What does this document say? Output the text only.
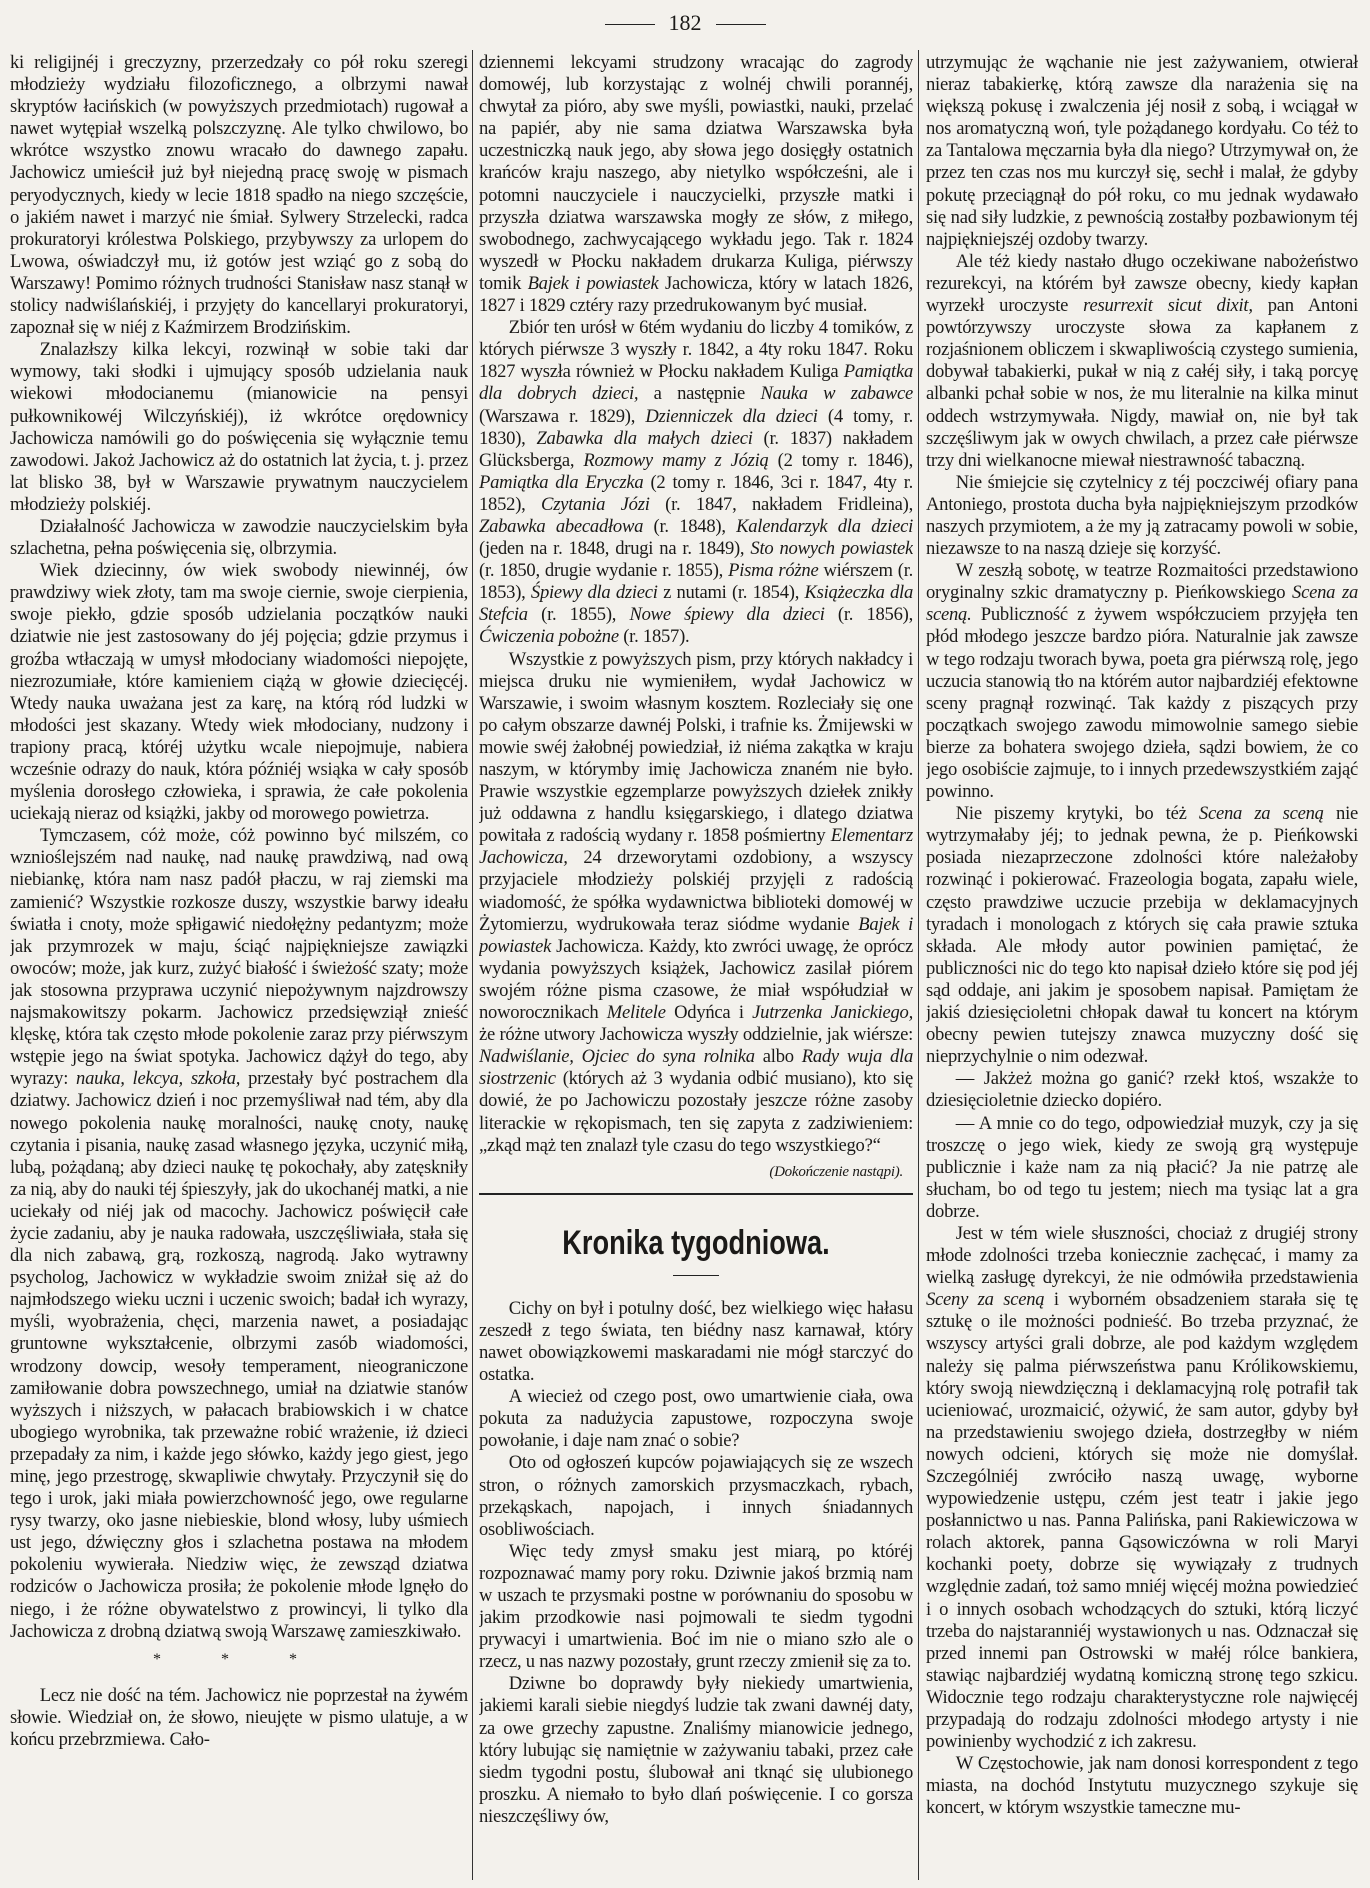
182

ki religijnéj i greczyzny, przerzedzały co pół roku szeregi młodzieży wydziału filozoficznego, a olbrzymi nawał skryptów łacińskich (w powyższych przedmiotach) rugował a nawet wytępiał wszelką polszczyznę. Ale tylko chwilowo, bo wkrótce wszystko znowu wracało do dawnego zapału. Jachowicz umieścił już był niejedną pracę swoję w pismach peryodycznych, kiedy w lecie 1818 spadło na niego szczęście, o jakiém nawet i marzyć nie śmiał. Sylwery Strzelecki, radca prokuratoryi królestwa Polskiego, przybywszy za urlopem do Lwowa, oświadczył mu, iż gotów jest wziąć go z sobą do Warszawy! Pomimo różnych trudności Stanisław nasz stanął w stolicy nadwiślańskiéj, i przyjęty do kancellaryi prokuratoryi, zapoznał się w niéj z Kaźmirzem Brodzińskim.

Znalazłszy kilka lekcyi, rozwinął w sobie taki dar wymowy, taki słodki i ujmujący sposób udzielania nauk wiekowi młodocianemu (mianowicie na pensyi pułkownikowéj Wilczyńskiéj), iż wkrótce orędownicy Jachowicza namówili go do poświęcenia się wyłącznie temu zawodowi. Jakoż Jachowicz aż do ostatnich lat życia, t. j. przez lat blisko 38, był w Warszawie prywatnym nauczycielem młodzieży polskiéj.

Działalność Jachowicza w zawodzie nauczycielskim była szlachetna, pełna poświęcenia się, olbrzymia.

Wiek dziecinny, ów wiek swobody niewinnéj, ów prawdziwy wiek złoty, tam ma swoje ciernie, swoje cierpienia, swoje piekło, gdzie sposób udzielania początków nauki dziatwie nie jest zastosowany do jéj pojęcia; gdzie przymus i groźba wtłaczają w umysł młodociany wiadomości niepojęte, niezrozumiałe, które kamieniem ciążą w głowie dziecięcéj. Wtedy nauka uważana jest za karę, na którą ród ludzki w młodości jest skazany. Wtedy wiek młodociany, nudzony i trapiony pracą, któréj użytku wcale niepojmuje, nabiera wcześnie odrazy do nauk, która późniéj wsiąka w cały sposób myślenia dorosłego człowieka, i sprawia, że całe pokolenia uciekają nieraz od książki, jakby od morowego powietrza.

Tymczasem, cóż może, cóż powinno być milszém, co wznioślejszém nad naukę, nad naukę prawdziwą, nad ową niebiankę, która nam nasz padół płaczu, w raj ziemski ma zamienić? Wszystkie rozkosze duszy, wszystkie barwy ideału światła i cnoty, może spłigawić niedołężny pedantyzm; może jak przymrozek w maju, ściąć najpiękniejsze zawiązki owoców; może, jak kurz, zużyć białość i świeżość szaty; może jak stosowna przyprawa uczynić niepożywnym najzdrowszy najsmakowitszy pokarm. Jachowicz przedsięwziął znieść klęskę, która tak często młode pokolenie zaraz przy piérwszym wstępie jego na świat spotyka. Jachowicz dążył do tego, aby wyrazy: nauka, lekcya, szkoła, przestały być postrachem dla dziatwy. Jachowicz dzień i noc przemyśliwał nad tém, aby dla nowego pokolenia naukę moralności, naukę cnoty, naukę czytania i pisania, naukę zasad własnego języka, uczynić miłą, lubą, pożądaną; aby dzieci naukę tę pokochały, aby zatęskniły za nią, aby do nauki téj śpieszyły, jak do ukochanéj matki, a nie uciekały od niéj jak od macochy. Jachowicz poświęcił całe życie zadaniu, aby je nauka radowała, uszczęśliwiała, stała się dla nich zabawą, grą, rozkoszą, nagrodą. Jako wytrawny psycholog, Jachowicz w wykładzie swoim zniżał się aż do najmłodszego wieku uczni i uczenic swoich; badał ich wyrazy, myśli, wyobrażenia, chęci, marzenia nawet, a posiadając gruntowne wykształcenie, olbrzymi zasób wiadomości, wrodzony dowcip, wesoły temperament, nieograniczone zamiłowanie dobra powszechnego, umiał na dziatwie stanów wyższych i niższych, w pałacach brabiowskich i w chatce ubogiego wyrobnika, tak przeważne robić wrażenie, iż dzieci przepadały za nim, i każde jego słówko, każdy jego giest, jego minę, jego przestrogę, skwapliwie chwytały. Przyczynił się do tego i urok, jaki miała powierzchowność jego, owe regularne rysy twarzy, oko jasne niebieskie, blond włosy, luby uśmiech ust jego, dźwięczny głos i szlachetna postawa na młodem pokoleniu wywierała. Niedziw więc, że zewsząd dziatwa rodziców o Jachowicza prosiła; że pokolenie młode lgnęło do niego, i że różne obywatelstwo z prowincyi, li tylko dla Jachowicza z drobną dziatwą swoją Warszawę zamieszkiwało.

* * *

Lecz nie dość na tém. Jachowicz nie poprzestał na żywém słowie. Wiedział on, że słowo, nieujęte w pismo ulatuje, a w końcu przebrzmiewa. Cało-

dziennemi lekcyami strudzony wracając do zagrody domowéj, lub korzystając z wolnéj chwili porannéj, chwytał za pióro, aby swe myśli, powiastki, nauki, przelać na papiér, aby nie sama dziatwa Warszawska była uczestniczką nauk jego, aby słowa jego dosięgły ostatnich krańców kraju naszego, aby nietylko współcześni, ale i potomni nauczyciele i nauczycielki, przyszłe matki i przyszła dziatwa warszawska mogły ze słów, z miłego, swobodnego, zachwycającego wykładu jego. Tak r. 1824 wyszedł w Płocku nakładem drukarza Kuliga, piérwszy tomik Bajek i powiastek Jachowicza, który w latach 1826, 1827 i 1829 cztéry razy przedrukowanym być musiał.

Zbiór ten urósł w 6tém wydaniu do liczby 4 tomików, z których piérwsze 3 wyszły r. 1842, a 4ty roku 1847. Roku 1827 wyszła również w Płocku nakładem Kuliga Pamiątka dla dobrych dzieci, a następnie Nauka w zabawce (Warszawa r. 1829), Dzienniczek dla dzieci (4 tomy, r. 1830), Zabawka dla małych dzieci (r. 1837) nakładem Glücksberga, Rozmowy mamy z Józią (2 tomy r. 1846), Pamiątka dla Eryczka (2 tomy r. 1846, 3ci r. 1847, 4ty r. 1852), Czytania Józi (r. 1847, nakładem Fridleina), Zabawka abecadłowa (r. 1848), Kalendarzyk dla dzieci (jeden na r. 1848, drugi na r. 1849), Sto nowych powiastek (r. 1850, drugie wydanie r. 1855), Pisma różne wiérszem (r. 1853), Śpiewy dla dzieci z nutami (r. 1854), Książeczka dla Stefcia (r. 1855), Nowe śpiewy dla dzieci (r. 1856), Ćwiczenia pobożne (r. 1857).

Wszystkie z powyższych pism, przy których nakładcy i miejsca druku nie wymieniłem, wydał Jachowicz w Warszawie, i swoim własnym kosztem. Rozleciały się one po całym obszarze dawnéj Polski, i trafnie ks. Żmijewski w mowie swéj żałobnéj powiedział, iż niéma zakątka w kraju naszym, w którymby imię Jachowicza znaném nie było. Prawie wszystkie egzemplarze powyższych dziełek znikły już oddawna z handlu księgarskiego, i dlatego dziatwa powitała z radością wydany r. 1858 pośmiertny Elementarz Jachowicza, 24 drzeworytami ozdobiony, a wszyscy przyjaciele młodzieży polskiéj przyjęli z radością wiadomość, że spółka wydawnictwa biblioteki domowéj w Żytomierzu, wydrukowała teraz siódme wydanie Bajek i powiastek Jachowicza. Każdy, kto zwróci uwagę, że oprócz wydania powyższych książek, Jachowicz zasilał piórem swojém różne pisma czasowe, że miał współudział w noworocznikach Melitele Odyńca i Jutrzenka Janickiego, że różne utwory Jachowicza wyszły oddzielnie, jak wiérsze: Nadwiślanie, Ojciec do syna rolnika albo Rady wuja dla siostrzenic (których aż 3 wydania odbić musiano), kto się dowié, że po Jachowiczu pozostały jeszcze różne zasoby literackie w rękopismach, ten się zapyta z zadziwieniem: „zkąd mąż ten znalazł tyle czasu do tego wszystkiego?“

(Dokończenie nastąpi).
Kronika tygodniowa.

Cichy on był i potulny dość, bez wielkiego więc hałasu zeszedł z tego świata, ten biédny nasz karnawał, który nawet obowiązkowemi maskaradami nie mógł starczyć do ostatka.

A wiecież od czego post, owo umartwienie ciała, owa pokuta za nadużycia zapustowe, rozpoczyna swoje powołanie, i daje nam znać o sobie?

Oto od ogłoszeń kupców pojawiających się ze wszech stron, o różnych zamorskich przysmaczkach, rybach, przekąskach, napojach, i innych śniadannych osobliwościach.

Więc tedy zmysł smaku jest miarą, po któréj rozpoznawać mamy pory roku. Dziwnie jakoś brzmią nam w uszach te przysmaki postne w porównaniu do sposobu w jakim przodkowie nasi pojmowali te siedm tygodni prywacyi i umartwienia. Boć im nie o miano szło ale o rzecz, u nas nazwy pozostały, grunt rzeczy zmienił się za to.

Dziwne bo doprawdy były niekiedy umartwienia, jakiemi karali siebie niegdyś ludzie tak zwani dawnéj daty, za owe grzechy zapustne. Znaliśmy mianowicie jednego, który lubując się namiętnie w zażywaniu tabaki, przez całe siedm tygodni postu, ślubował ani tknąć się ulubionego proszku. A niemało to było dlań poświęcenie. I co gorsza nieszczęśliwy ów,

utrzymując że wąchanie nie jest zażywaniem, otwierał nieraz tabakierkę, którą zawsze dla narażenia się na większą pokusę i zwalczenia jéj nosił z sobą, i wciągał w nos aromatyczną woń, tyle pożądanego kordyału. Co téż to za Tantalowa męczarnia była dla niego? Utrzymywał on, że przez ten czas nos mu kurczył się, sechł i malał, że gdyby pokutę przeciągnął do pół roku, co mu jednak wydawało się nad siły ludzkie, z pewnością zostałby pozbawionym téj najpiękniejszéj ozdoby twarzy.

Ale téż kiedy nastało długo oczekiwane nabożeństwo rezurekcyi, na którém był zawsze obecny, kiedy kapłan wyrzekł uroczyste resurrexit sicut dixit, pan Antoni powtórzywszy uroczyste słowa za kapłanem z rozjaśnionem obliczem i skwapliwością czystego sumienia, dobywał tabakierki, pukał w nią z całéj siły, i taką porcyę albanki pchał sobie w nos, że mu literalnie na kilka minut oddech wstrzymywała. Nigdy, mawiał on, nie był tak szczęśliwym jak w owych chwilach, a przez całe piérwsze trzy dni wielkanocne miewał niestrawność tabaczną.

Nie śmiejcie się czytelnicy z téj poczciwéj ofiary pana Antoniego, prostota ducha była najpiękniejszym przodków naszych przymiotem, a że my ją zatracamy powoli w sobie, niezawsze to na naszą dzieje się korzyść.

W zeszłą sobotę, w teatrze Rozmaitości przedstawiono oryginalny szkic dramatyczny p. Pieńkowskiego Scena za sceną. Publiczność z żywem współczuciem przyjęła ten płód młodego jeszcze bardzo pióra. Naturalnie jak zawsze w tego rodzaju tworach bywa, poeta gra piérwszą rolę, jego uczucia stanowią tło na którém autor najbardziéj efektowne sceny pragnął rozwinąć. Tak każdy z piszących przy początkach swojego zawodu mimowolnie samego siebie bierze za bohatera swojego dzieła, sądzi bowiem, że co jego osobiście zajmuje, to i innych przedewszystkiém zająć powinno.

Nie piszemy krytyki, bo téż Scena za sceną nie wytrzymałaby jéj; to jednak pewna, że p. Pieńkowski posiada niezaprzeczone zdolności które należałoby rozwinąć i pokierować. Frazeologia bogata, zapału wiele, często prawdziwe uczucie przebija w deklamacyjnych tyradach i monologach z których się cała prawie sztuka składa. Ale młody autor powinien pamiętać, że publiczności nic do tego kto napisał dzieło które się pod jéj sąd oddaje, ani jakim je sposobem napisał. Pamiętam że jakiś dziesięcioletni chłopak dawał tu koncert na którym obecny pewien tutejszy znawca muzyczny dość się nieprzychylnie o nim odezwał.

— Jakżeż można go ganić? rzekł ktoś, wszakże to dziesięcioletnie dziecko dopiéro.

— A mnie co do tego, odpowiedział muzyk, czy ja się troszczę o jego wiek, kiedy ze swoją grą występuje publicznie i każe nam za nią płacić? Ja nie patrzę ale słucham, bo od tego tu jestem; niech ma tysiąc lat a gra dobrze.

Jest w tém wiele słuszności, chociaż z drugiéj strony młode zdolności trzeba koniecznie zachęcać, i mamy za wielką zasługę dyrekcyi, że nie odmówiła przedstawienia Sceny za sceną i wyborném obsadzeniem starała się tę sztukę o ile możności podnieść. Bo trzeba przyznać, że wszyscy artyści grali dobrze, ale pod każdym względem należy się palma piérwszeństwa panu Królikowskiemu, który swoją niewdzięczną i deklamacyjną rolę potrafił tak ucieniować, urozmaicić, ożywić, że sam autor, gdyby był na przedstawieniu swojego dzieła, dostrzegłby w niém nowych odcieni, których się może nie domyślał. Szczególniéj zwróciło naszą uwagę, wyborne wypowiedzenie ustępu, czém jest teatr i jakie jego posłannictwo u nas. Panna Palińska, pani Rakiewiczowa w rolach aktorek, panna Gąsowiczówna w roli Maryi kochanki poety, dobrze się wywiązały z trudnych względnie zadań, toż samo mniéj więcéj można powiedzieć i o innych osobach wchodzących do sztuki, którą liczyć trzeba do najstaranniéj wystawionych u nas. Odznaczał się przed innemi pan Ostrowski w małéj rólce bankiera, stawiąc najbardziéj wydatną komiczną stronę tego szkicu. Widocznie tego rodzaju charakterystyczne role najwięcéj przypadają do rodzaju zdolności młodego artysty i nie powinienby wychodzić z ich zakresu.

W Częstochowie, jak nam donosi korrespondent z tego miasta, na dochód Instytutu muzycznego szykuje się koncert, w którym wszystkie tameczne mu-
